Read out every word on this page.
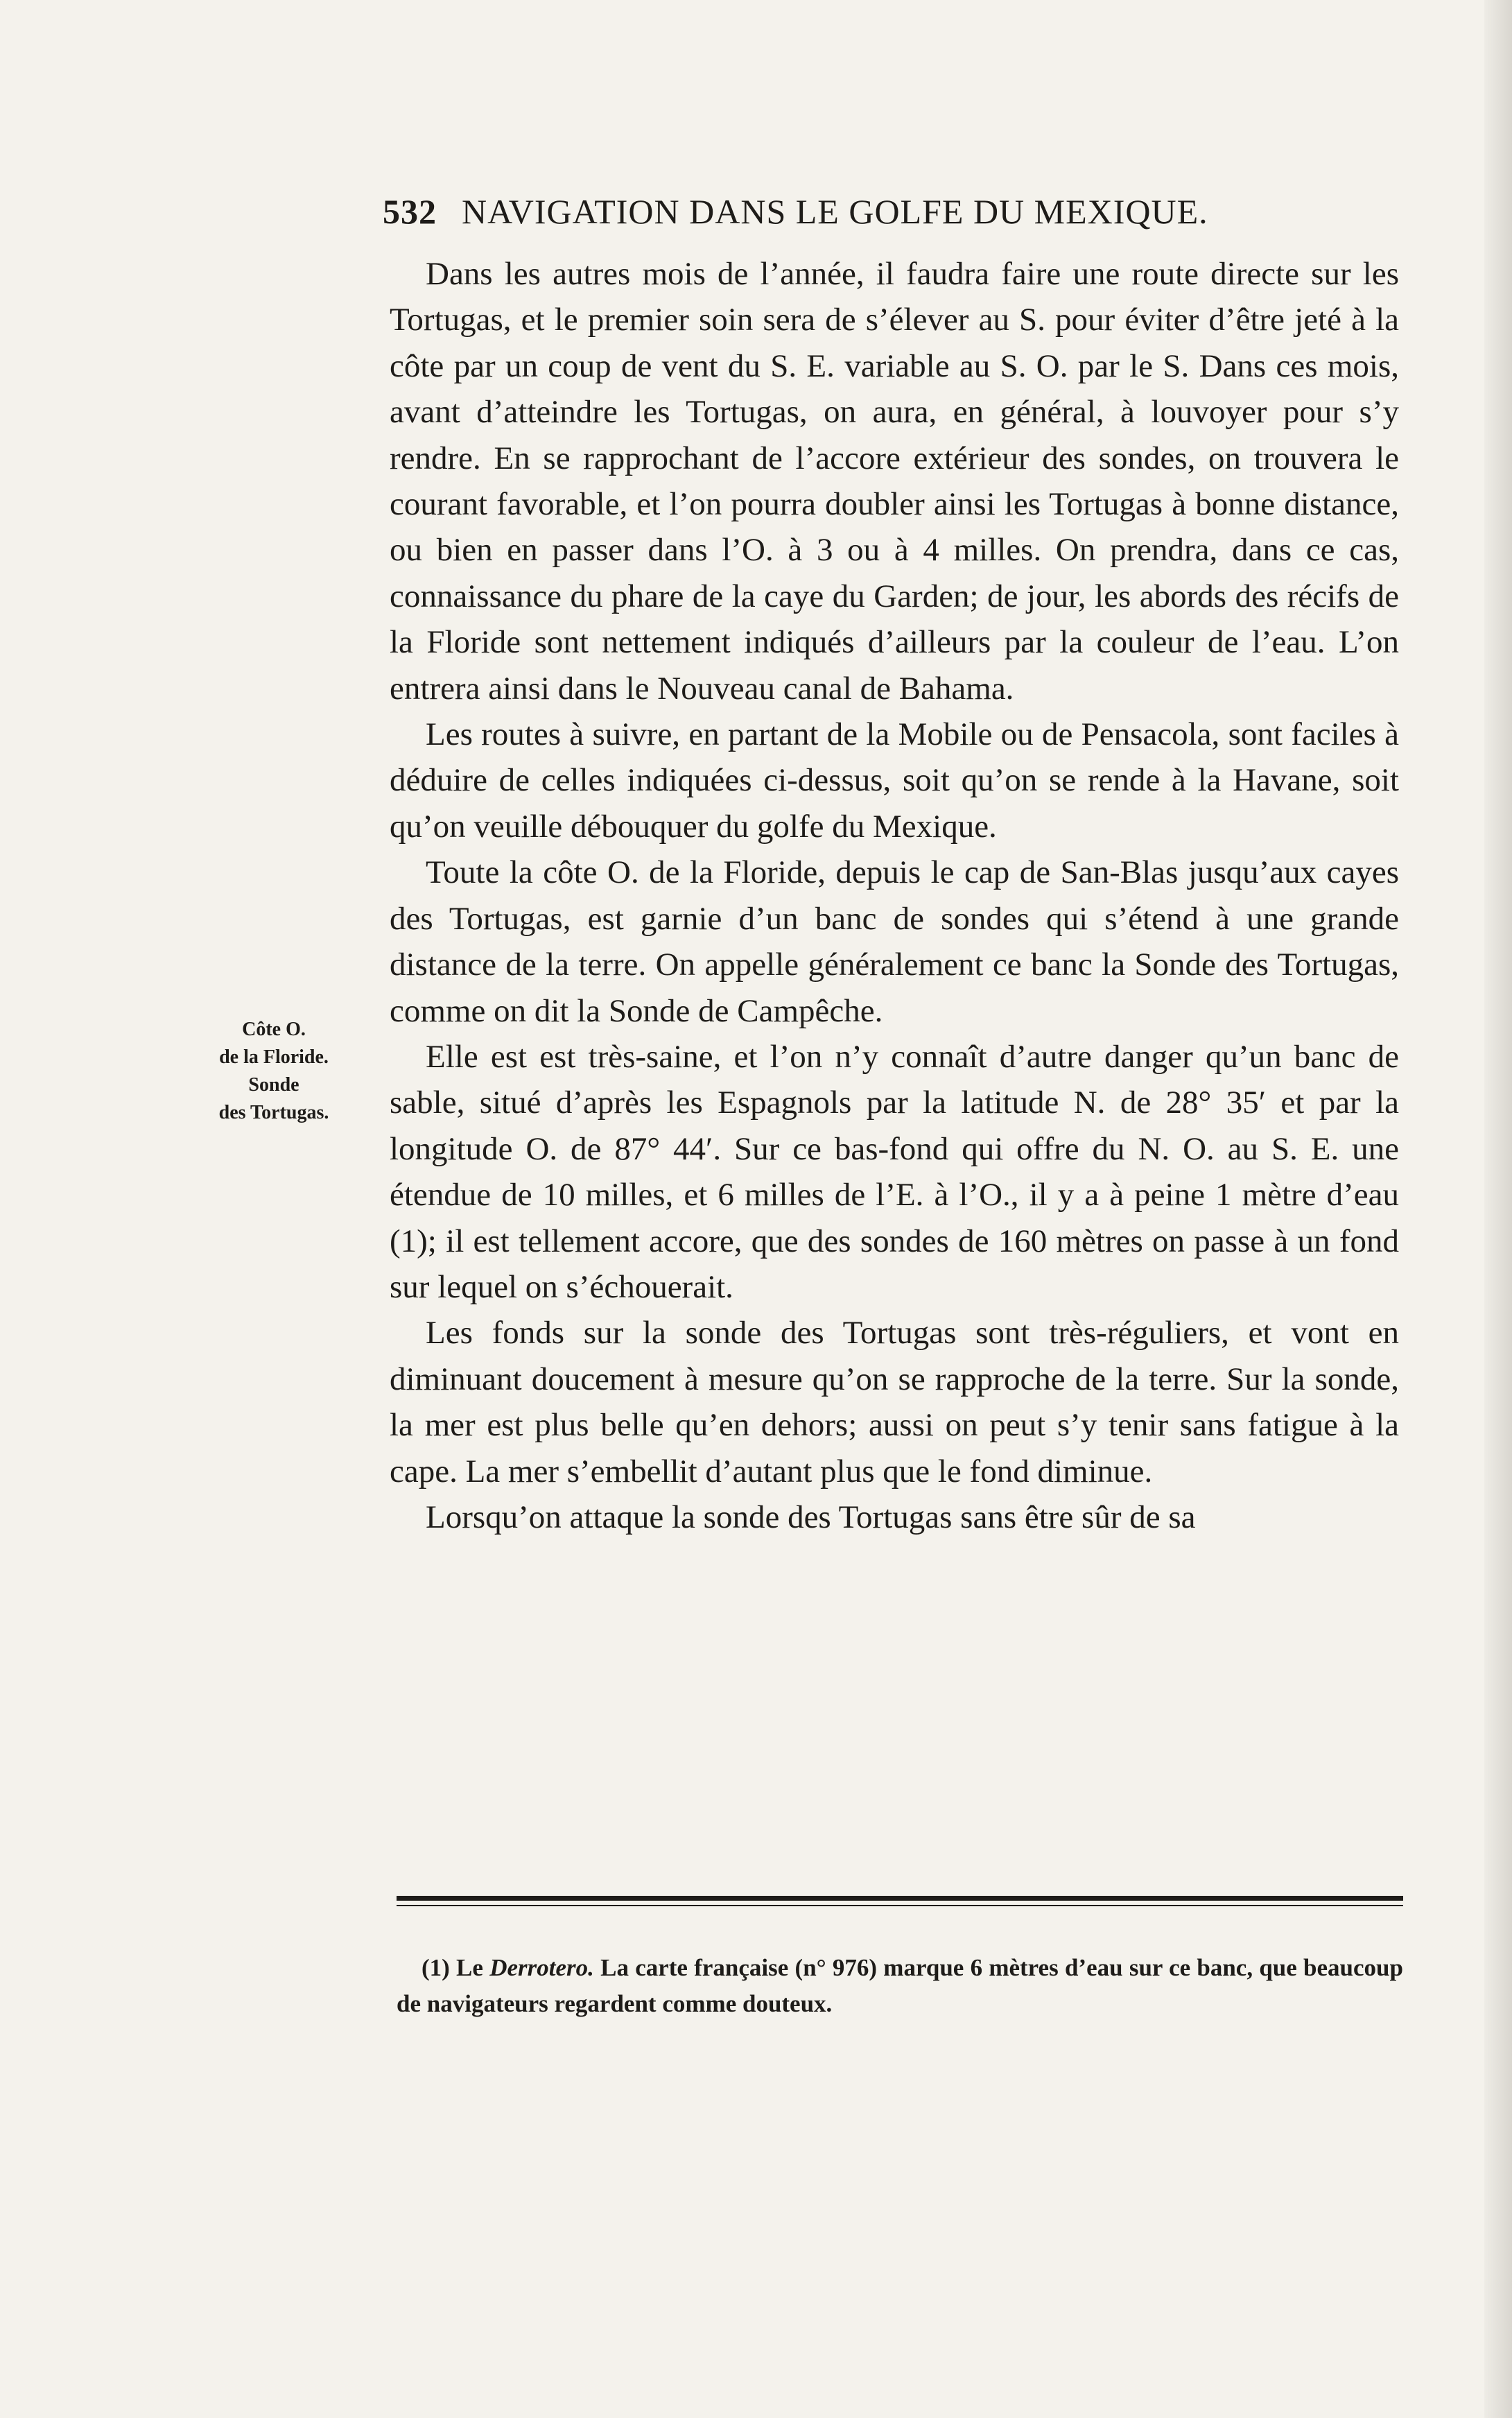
532 NAVIGATION DANS LE GOLFE DU MEXIQUE.
Côte O.
de la Floride.
Sonde
des Tortugas.

Dans les autres mois de l’année, il faudra faire une route directe sur les Tortugas, et le premier soin sera de s’élever au S. pour éviter d’être jeté à la côte par un coup de vent du S. E. variable au S. O. par le S. Dans ces mois, avant d’atteindre les Tortugas, on aura, en général, à louvoyer pour s’y rendre. En se rapprochant de l’accore extérieur des sondes, on trouvera le courant favorable, et l’on pourra doubler ainsi les Tortugas à bonne distance, ou bien en passer dans l’O. à 3 ou à 4 milles. On prendra, dans ce cas, connaissance du phare de la caye du Garden; de jour, les abords des récifs de la Floride sont nettement indiqués d’ailleurs par la couleur de l’eau. L’on entrera ainsi dans le Nouveau canal de Bahama.

Les routes à suivre, en partant de la Mobile ou de Pensacola, sont faciles à déduire de celles indiquées ci-dessus, soit qu’on se rende à la Havane, soit qu’on veuille débouquer du golfe du Mexique.

Toute la côte O. de la Floride, depuis le cap de San-Blas jusqu’aux cayes des Tortugas, est garnie d’un banc de sondes qui s’étend à une grande distance de la terre. On appelle généralement ce banc la Sonde des Tortugas, comme on dit la Sonde de Campêche.

Elle est est très-saine, et l’on n’y connaît d’autre danger qu’un banc de sable, situé d’après les Espagnols par la latitude N. de 28° 35′ et par la longitude O. de 87° 44′. Sur ce bas-fond qui offre du N. O. au S. E. une étendue de 10 milles, et 6 milles de l’E. à l’O., il y a à peine 1 mètre d’eau (1); il est tellement accore, que des sondes de 160 mètres on passe à un fond sur lequel on s’échouerait.

Les fonds sur la sonde des Tortugas sont très-réguliers, et vont en diminuant doucement à mesure qu’on se rapproche de la terre. Sur la sonde, la mer est plus belle qu’en dehors; aussi on peut s’y tenir sans fatigue à la cape. La mer s’embellit d’autant plus que le fond diminue.

Lorsqu’on attaque la sonde des Tortugas sans être sûr de sa

(1) Le Derrotero. La carte française (n° 976) marque 6 mètres d’eau sur ce banc, que beaucoup de navigateurs regardent comme douteux.
